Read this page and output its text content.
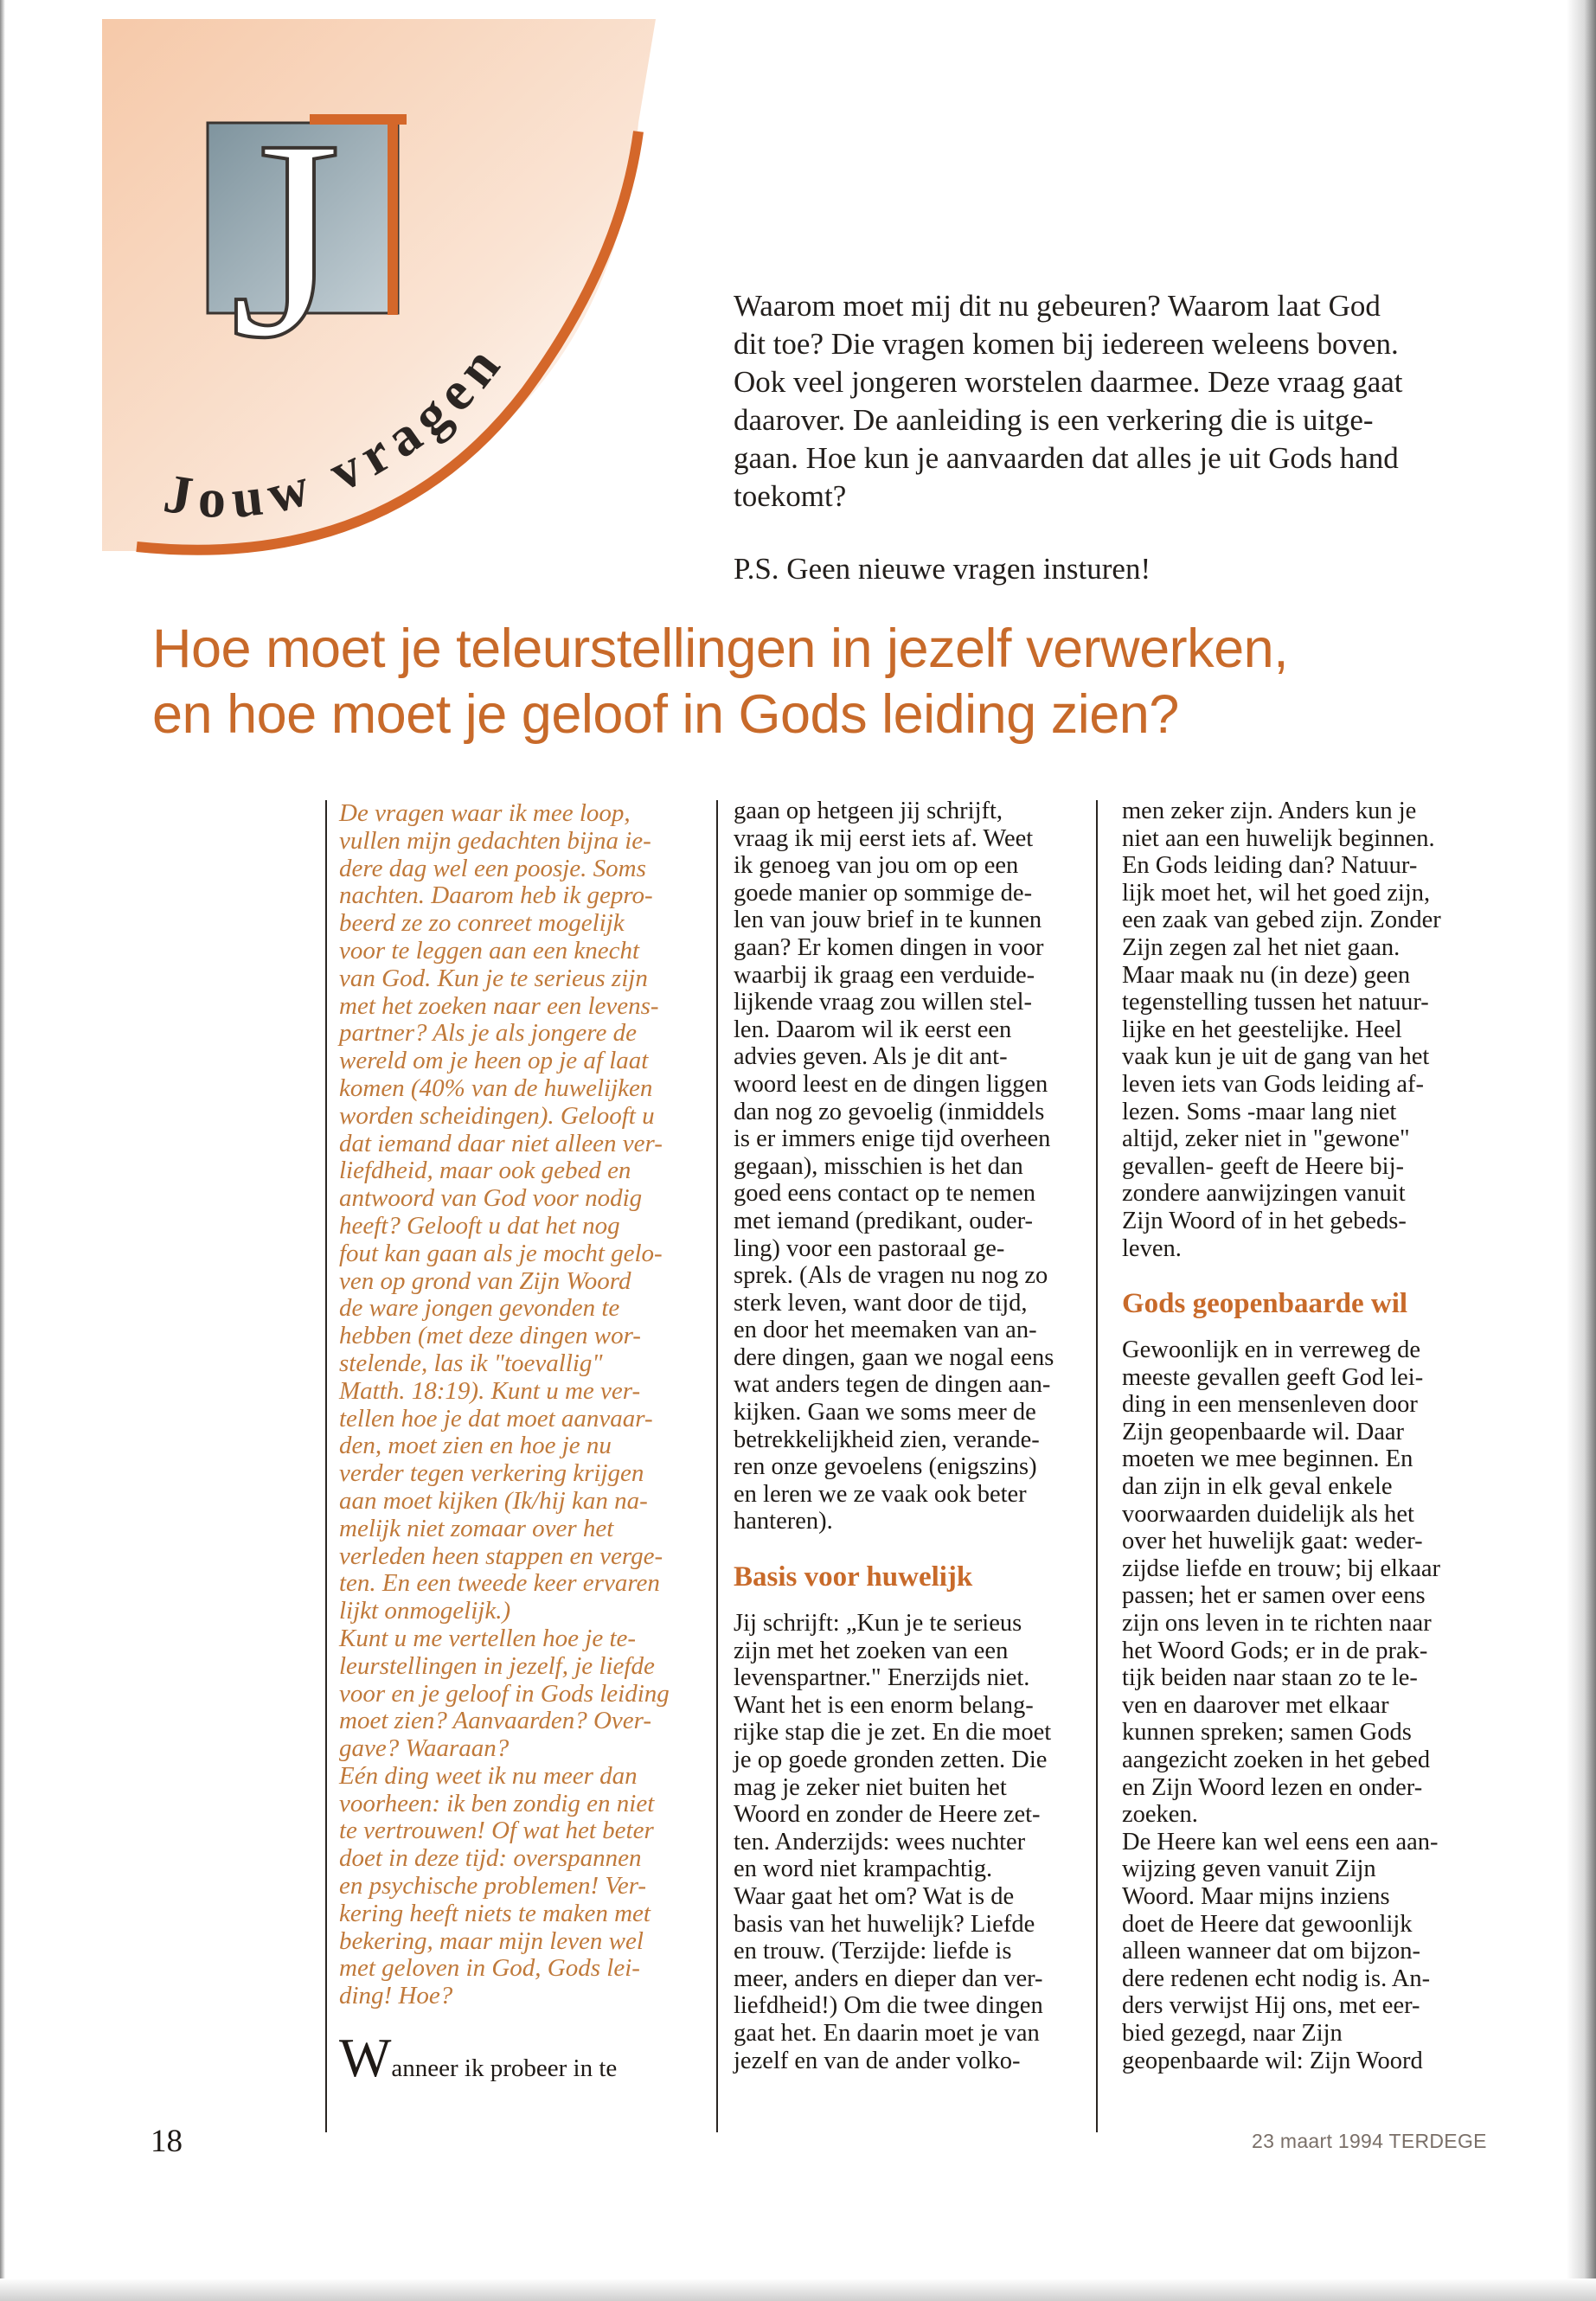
J
Jouw vragen

Waarom moet mij dit nu gebeuren? Waarom laat God

dit toe? Die vragen komen bij iedereen weleens boven.

Ook veel jongeren worstelen daarmee. Deze vraag gaat

daarover. De aanleiding is een verkering die is uitge-

gaan. Hoe kun je aanvaarden dat alles je uit Gods hand

toekomt?

P.S. Geen nieuwe vragen insturen!

Hoe moet je teleurstellingen in jezelf verwerken,
en hoe moet je geloof in Gods leiding zien?

De vragen waar ik mee loop,

vullen mijn gedachten bijna ie-

dere dag wel een poosje. Soms

nachten. Daarom heb ik gepro-

beerd ze zo conreet mogelijk

voor te leggen aan een knecht

van God. Kun je te serieus zijn

met het zoeken naar een levens-

partner? Als je als jongere de

wereld om je heen op je af laat

komen (40% van de huwelijken

worden scheidingen). Gelooft u

dat iemand daar niet alleen ver-

liefdheid, maar ook gebed en

antwoord van God voor nodig

heeft? Gelooft u dat het nog

fout kan gaan als je mocht gelo-

ven op grond van Zijn Woord

de ware jongen gevonden te

hebben (met deze dingen wor-

stelende, las ik "toevallig"

Matth. 18:19). Kunt u me ver-

tellen hoe je dat moet aanvaar-

den, moet zien en hoe je nu

verder tegen verkering krijgen

aan moet kijken (Ik/hij kan na-

melijk niet zomaar over het

verleden heen stappen en verge-

ten. En een tweede keer ervaren

lijkt onmogelijk.)

Kunt u me vertellen hoe je te-

leurstellingen in jezelf, je liefde

voor en je geloof in Gods leiding

moet zien? Aanvaarden? Over-

gave? Waaraan?

Eén ding weet ik nu meer dan

voorheen: ik ben zondig en niet

te vertrouwen! Of wat het beter

doet in deze tijd: overspannen

en psychische problemen! Ver-

kering heeft niets te maken met

bekering, maar mijn leven wel

met geloven in God, Gods lei-

ding! Hoe?

Wanneer ik probeer in te

gaan op hetgeen jij schrijft,

vraag ik mij eerst iets af. Weet

ik genoeg van jou om op een

goede manier op sommige de-

len van jouw brief in te kunnen

gaan? Er komen dingen in voor

waarbij ik graag een verduide-

lijkende vraag zou willen stel-

len. Daarom wil ik eerst een

advies geven. Als je dit ant-

woord leest en de dingen liggen

dan nog zo gevoelig (inmiddels

is er immers enige tijd overheen

gegaan), misschien is het dan

goed eens contact op te nemen

met iemand (predikant, ouder-

ling) voor een pastoraal ge-

sprek. (Als de vragen nu nog zo

sterk leven, want door de tijd,

en door het meemaken van an-

dere dingen, gaan we nogal eens

wat anders tegen de dingen aan-

kijken. Gaan we soms meer de

betrekkelijkheid zien, verande-

ren onze gevoelens (enigszins)

en leren we ze vaak ook beter

hanteren).

Basis voor huwelijk

Jij schrijft: „Kun je te serieus

zijn met het zoeken van een

levenspartner." Enerzijds niet.

Want het is een enorm belang-

rijke stap die je zet. En die moet

je op goede gronden zetten. Die

mag je zeker niet buiten het

Woord en zonder de Heere zet-

ten. Anderzijds: wees nuchter

en word niet krampachtig.

Waar gaat het om? Wat is de

basis van het huwelijk? Liefde

en trouw. (Terzijde: liefde is

meer, anders en dieper dan ver-

liefdheid!) Om die twee dingen

gaat het. En daarin moet je van

jezelf en van de ander volko-

men zeker zijn. Anders kun je

niet aan een huwelijk beginnen.

En Gods leiding dan? Natuur-

lijk moet het, wil het goed zijn,

een zaak van gebed zijn. Zonder

Zijn zegen zal het niet gaan.

Maar maak nu (in deze) geen

tegenstelling tussen het natuur-

lijke en het geestelijke. Heel

vaak kun je uit de gang van het

leven iets van Gods leiding af-

lezen. Soms -maar lang niet

altijd, zeker niet in "gewone"

gevallen- geeft de Heere bij-

zondere aanwijzingen vanuit

Zijn Woord of in het gebeds-

leven.

Gods geopenbaarde wil

Gewoonlijk en in verreweg de

meeste gevallen geeft God lei-

ding in een mensenleven door

Zijn geopenbaarde wil. Daar

moeten we mee beginnen. En

dan zijn in elk geval enkele

voorwaarden duidelijk als het

over het huwelijk gaat: weder-

zijdse liefde en trouw; bij elkaar

passen; het er samen over eens

zijn ons leven in te richten naar

het Woord Gods; er in de prak-

tijk beiden naar staan zo te le-

ven en daarover met elkaar

kunnen spreken; samen Gods

aangezicht zoeken in het gebed

en Zijn Woord lezen en onder-

zoeken.

De Heere kan wel eens een aan-

wijzing geven vanuit Zijn

Woord. Maar mijns inziens

doet de Heere dat gewoonlijk

alleen wanneer dat om bijzon-

dere redenen echt nodig is. An-

ders verwijst Hij ons, met eer-

bied gezegd, naar Zijn

geopenbaarde wil: Zijn Woord

18	23 maart 1994 TERDEGE
